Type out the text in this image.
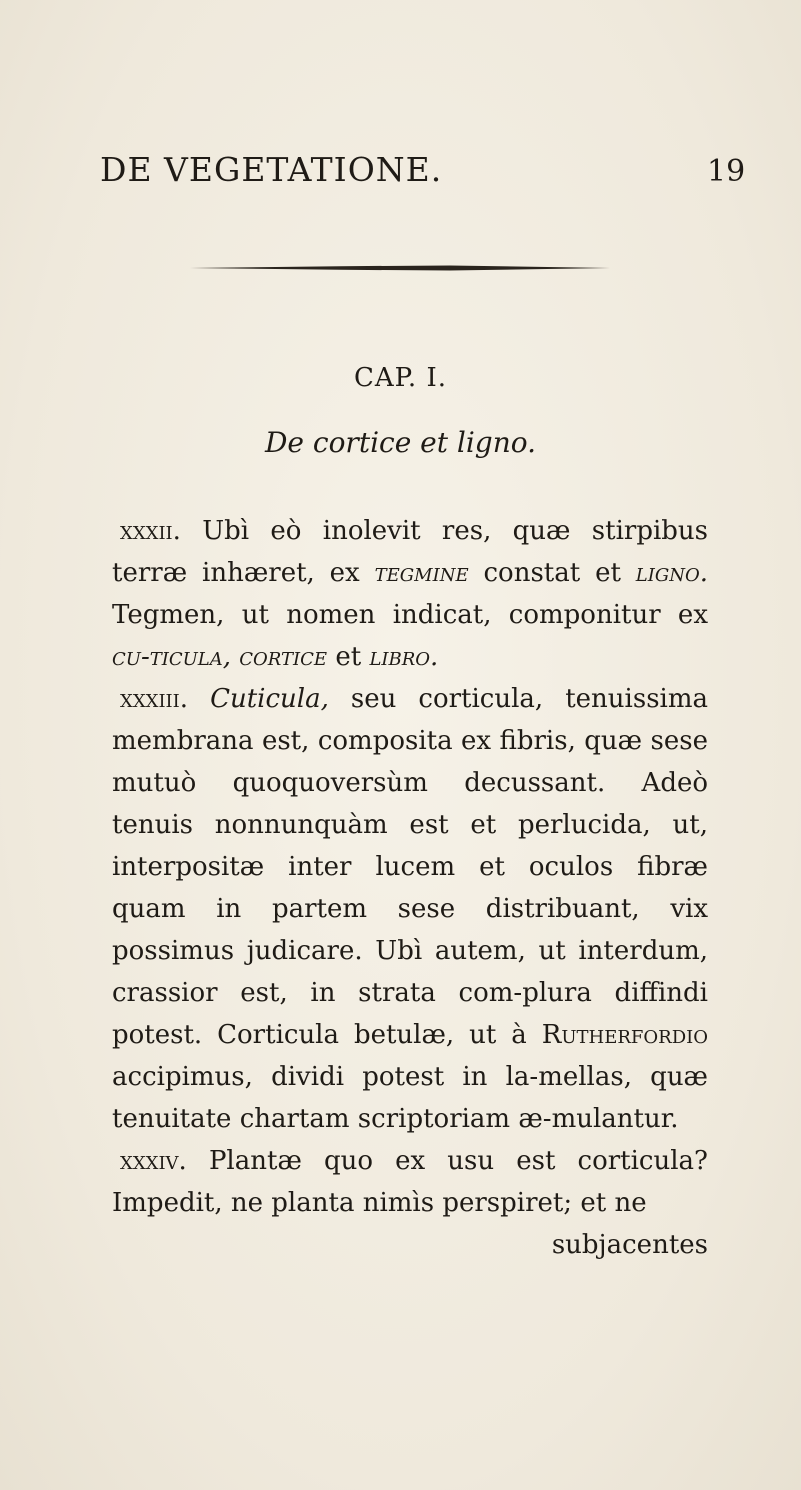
DE VEGETATIONE.	19
CAP. I.
De cortice et ligno.

xxxii. Ubì eò inolevit res, quæ stirpibus terræ inhæret, ex tegmine constat et ligno. Tegmen, ut nomen indicat, componitur ex cu-ticula, cortice et libro.

xxxiii. Cuticula, seu corticula, tenuissima membrana est, composita ex fibris, quæ sese mutuò quoquoversùm decussant. Adeò tenuis nonnunquàm est et perlucida, ut, interpositæ inter lucem et oculos fibræ quam in partem sese distribuant, vix possimus judicare. Ubì autem, ut interdum, crassior est, in strata com-plura diffindi potest. Corticula betulæ, ut à Rutherfordio accipimus, dividi potest in la-mellas, quæ tenuitate chartam scriptoriam æ-mulantur.

xxxiv. Plantæ quo ex usu est corticula? Impedit, ne planta nimìs perspiret; et ne
subjacentes
